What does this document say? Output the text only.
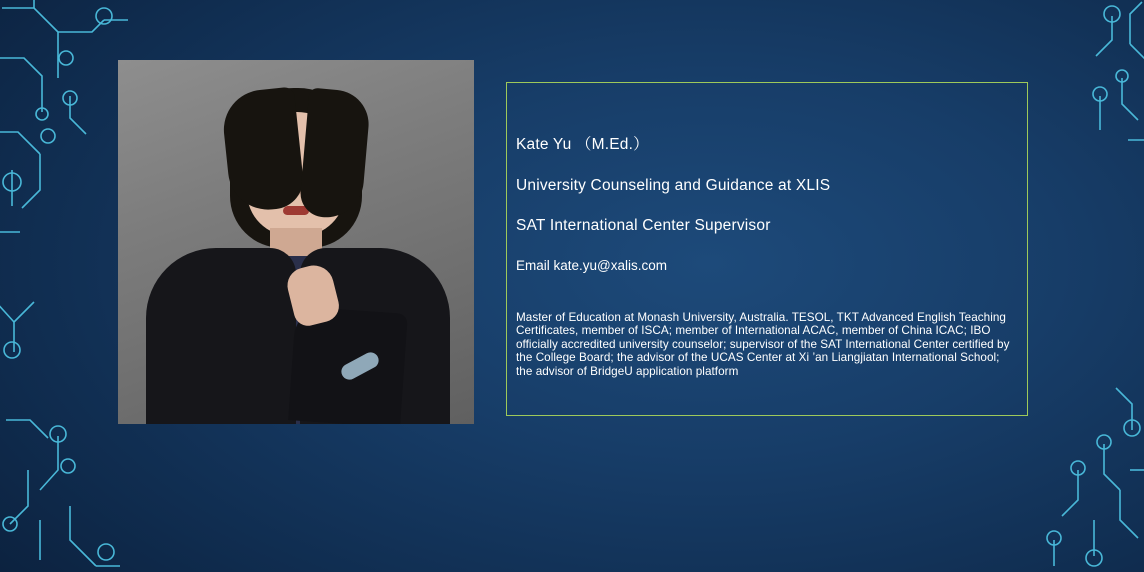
Kate Yu （M.Ed.）
University Counseling and Guidance at XLIS
SAT International Center Supervisor
Email kate.yu@xalis.com
Master of Education at Monash University, Australia. TESOL, TKT Advanced English Teaching Certificates, member of ISCA; member of International ACAC, member of China ICAC; IBO officially accredited university counselor; supervisor of the SAT International Center certified by the College Board; the advisor of the UCAS Center at Xi ’an Liangjiatan International School; the advisor of BridgeU application platform
